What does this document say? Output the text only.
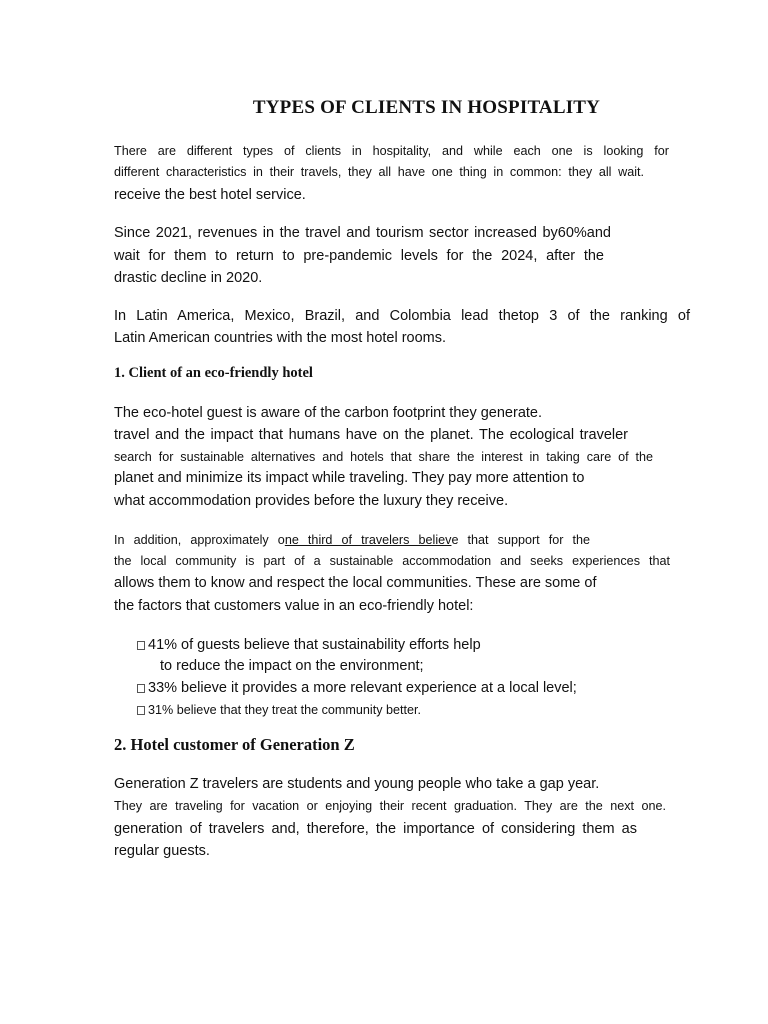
TYPES OF CLIENTS IN HOSPITALITY
There are different types of clients in hospitality, and while each one is looking for
different characteristics in their travels, they all have one thing in common: they all wait.
receive the best hotel service.
Since 2021, revenues in the travel and tourism sector increased by60%and
wait for them to return to pre-pandemic levels for the 2024, after the
drastic decline in 2020.
In Latin America, Mexico, Brazil, and Colombia lead thetop 3 of the ranking of
Latin American countries with the most hotel rooms.
1. Client of an eco-friendly hotel
The eco-hotel guest is aware of the carbon footprint they generate.
travel and the impact that humans have on the planet. The ecological traveler
search for sustainable alternatives and hotels that share the interest in taking care of the
planet and minimize its impact while traveling. They pay more attention to
what accommodation provides before the luxury they receive.
In addition, approximately one third of travelers believe that support for the
the local community is part of a sustainable accommodation and seeks experiences that
allows them to know and respect the local communities. These are some of
the factors that customers value in an eco-friendly hotel:
41% of guests believe that sustainability efforts help
to reduce the impact on the environment;
33% believe it provides a more relevant experience at a local level;
31% believe that they treat the community better.
2. Hotel customer of Generation Z
Generation Z travelers are students and young people who take a gap year.
They are traveling for vacation or enjoying their recent graduation. They are the next one.
generation of travelers and, therefore, the importance of considering them as
regular guests.
